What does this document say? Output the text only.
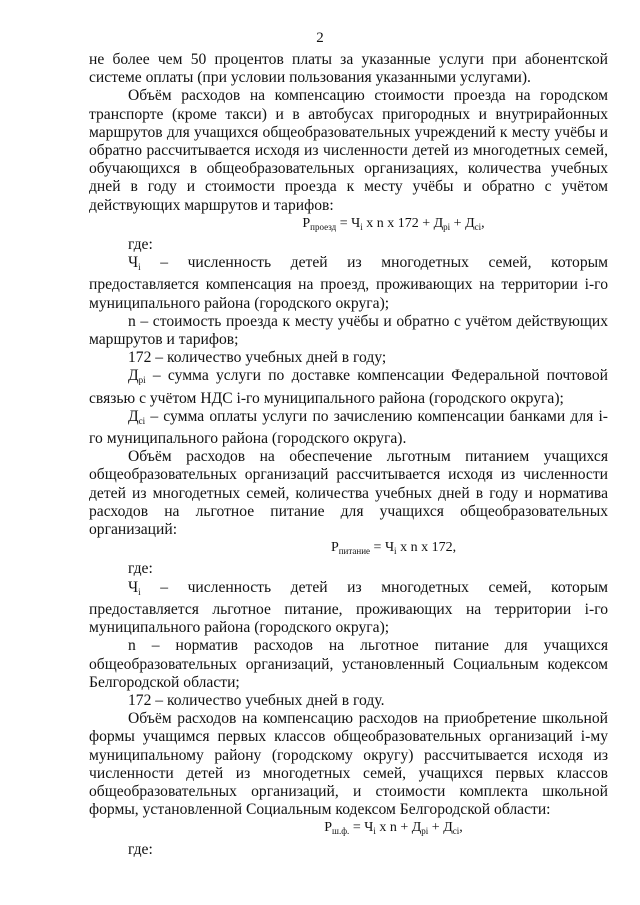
2

не более чем 50 процентов платы за указанные услуги при абонентской системе оплаты (при условии пользования указанными услугами).

Объём расходов на компенсацию стоимости проезда на городском транспорте (кроме такси) и в автобусах пригородных и внутрирайонных маршрутов для учащихся общеобразовательных учреждений к месту учёбы и обратно рассчитывается исходя из численности детей из многодетных семей, обучающихся в общеобразовательных организациях, количества учебных дней в году и стоимости проезда к месту учёбы и обратно с учётом действующих маршрутов и тарифов:

$Р_{проезд} = Ч_i$ х n х $172 + Д_{рi} + Д_{сi}$,

где:

$Ч_i$ – численность детей из многодетных семей, которым предоставляется компенсация на проезд, проживающих на территории i-го муниципального района (городского округа);

n – стоимость проезда к месту учёбы и обратно с учётом действующих маршрутов и тарифов;

172 – количество учебных дней в году;

$Д_{рi}$ – сумма услуги по доставке компенсации Федеральной почтовой связью с учётом НДС i-го муниципального района (городского округа);

$Д_{сi}$ – сумма оплаты услуги по зачислению компенсации банками для i-го муниципального района (городского округа).

Объём расходов на обеспечение льготным питанием учащихся общеобразовательных организаций рассчитывается исходя из численности детей из многодетных семей, количества учебных дней в году и норматива расходов на льготное питание для учащихся общеобразовательных организаций:

$Р_{питание} = Ч_i$ х n х 172,

где:

$Ч_i$ – численность детей из многодетных семей, которым предоставляется льготное питание, проживающих на территории i-го муниципального района (городского округа);

n – норматив расходов на льготное питание для учащихся общеобразовательных организаций, установленный Социальным кодексом Белгородской области;

172 – количество учебных дней в году.

Объём расходов на компенсацию расходов на приобретение школьной формы учащимся первых классов общеобразовательных организаций i-му муниципальному району (городскому округу) рассчитывается исходя из численности детей из многодетных семей, учащихся первых классов общеобразовательных организаций, и стоимости комплекта школьной формы, установленной Социальным кодексом Белгородской области:

$Р_{ш.ф.} = Ч_i$ х $n + Д_{рi} + Д_{сi}$,

где:
